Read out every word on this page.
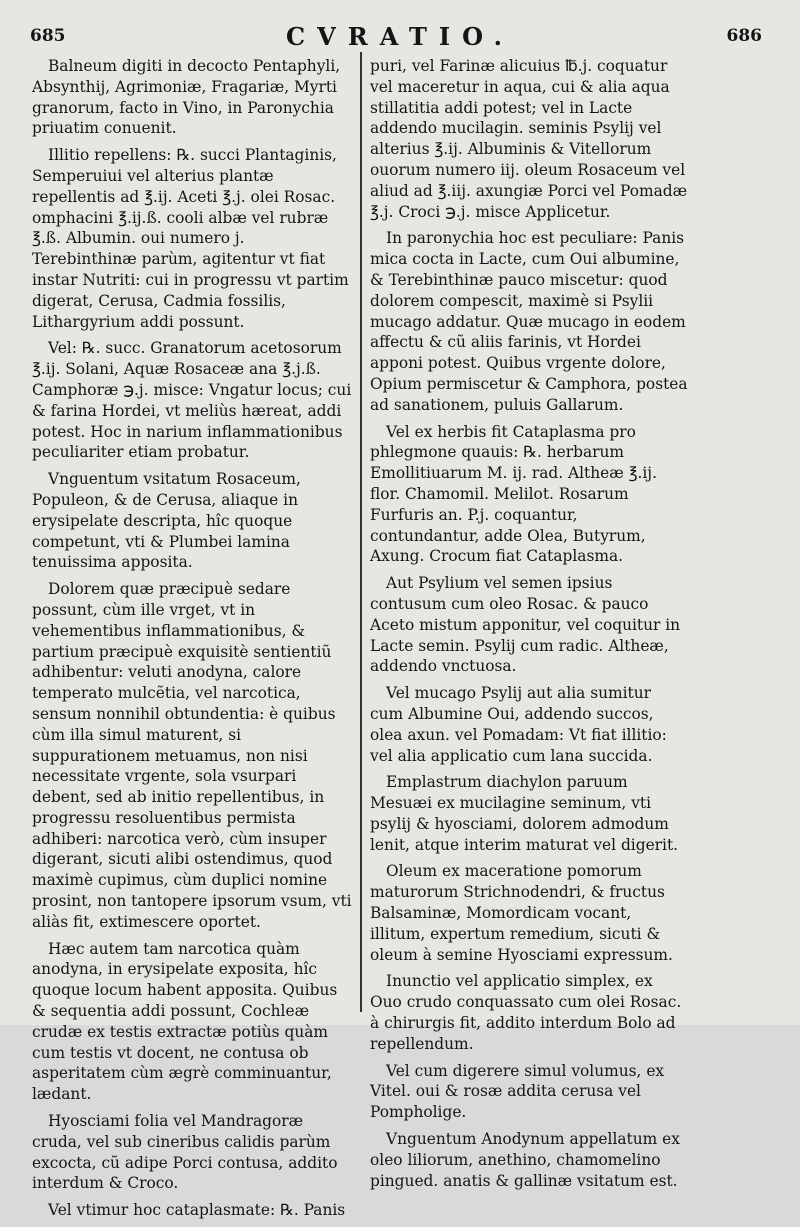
685	CVRATIO.	686

Balneum digiti in decocto Pentaphyli, Absynthij, Agrimoniæ, Fragariæ, Myrti granorum, facto in Vino, in Paronychia priuatim conuenit.

Illitio repellens: ℞. succi Plantaginis, Semperuiui vel alterius plantæ repellentis ad ℥.ij. Aceti ℥.j. olei Rosac. omphacini ℥.ij.ß. cooli albæ vel rubræ ℥.ß. Albumin. oui numero j. Terebinthinæ parùm, agitentur vt fiat instar Nutriti: cui in progressu vt partim digerat, Cerusa, Cadmia fossilis, Lithargyrium addi possunt.

Vel: ℞. succ. Granatorum acetosorum ℥.ij. Solani, Aquæ Rosaceæ ana ℥.j.ß. Camphoræ ℈.j. misce: Vngatur locus; cui & farina Hordei, vt meliùs hæreat, addi potest. Hoc in narium inflammationibus peculiariter etiam probatur.

Vnguentum vsitatum Rosaceum, Populeon, & de Cerusa, aliaque in erysipelate descripta, hîc quoque competunt, vti & Plumbei lamina tenuissima apposita.

Dolorem quæ præcipuè sedare possunt, cùm ille vrget, vt in vehementibus inflammationibus, & partium præcipuè exquisitè sentientiũ adhibentur: veluti anodyna, calore temperato mulcẽtia, vel narcotica, sensum nonnihil obtundentia: è quibus cùm illa simul maturent, si suppurationem metuamus, non nisi necessitate vrgente, sola vsurpari debent, sed ab initio repellentibus, in progressu resoluentibus permista adhiberi: narcotica verò, cùm insuper digerant, sicuti alibi ostendimus, quod maximè cupimus, cùm duplici nomine prosint, non tantopere ipsorum vsum, vti aliàs fit, extimescere oportet.

Hæc autem tam narcotica quàm anodyna, in erysipelate exposita, hîc quoque locum habent apposita. Quibus & sequentia addi possunt, Cochleæ crudæ ex testis extractæ potiùs quàm cum testis vt docent, ne contusa ob asperitatem cùm ægrè comminuantur, lædant.

Hyosciami folia vel Mandragoræ cruda, vel sub cineribus calidis parùm excocta, cũ adipe Porci contusa, addito interdum & Croco.

Vel vtimur hoc cataplasmate: ℞. Panis

puri, vel Farinæ alicuius ℔.j. coquatur vel maceretur in aqua, cui & alia aqua stillatitia addi potest; vel in Lacte addendo mucilagin. seminis Psylij vel alterius ℥.ij. Albuminis & Vitellorum ouorum numero iij. oleum Rosaceum vel aliud ad ℥.iij. axungiæ Porci vel Pomadæ ℥.j. Croci ℈.j. misce Applicetur.

In paronychia hoc est peculiare: Panis mica cocta in Lacte, cum Oui albumine, & Terebinthinæ pauco miscetur: quod dolorem compescit, maximè si Psylii mucago addatur. Quæ mucago in eodem affectu & cũ aliis farinis, vt Hordei apponi potest. Quibus vrgente dolore, Opium permiscetur & Camphora, postea ad sanationem, puluis Gallarum.

Vel ex herbis fit Cataplasma pro phlegmone quauis: ℞. herbarum Emollitiuarum M. ij. rad. Altheæ ℥.ij. flor. Chamomil. Melilot. Rosarum Furfuris an. P.j. coquantur, contundantur, adde Olea, Butyrum, Axung. Crocum fiat Cataplasma.

Aut Psylium vel semen ipsius contusum cum oleo Rosac. & pauco Aceto mistum apponitur, vel coquitur in Lacte semin. Psylij cum radic. Altheæ, addendo vnctuosa.

Vel mucago Psylij aut alia sumitur cum Albumine Oui, addendo succos, olea axun. vel Pomadam: Vt fiat illitio: vel alia applicatio cum lana succida.

Emplastrum diachylon paruum Mesuæi ex mucilagine seminum, vti psylij & hyosciami, dolorem admodum lenit, atque interim maturat vel digerit.

Oleum ex maceratione pomorum maturorum Strichnodendri, & fructus Balsaminæ, Momordicam vocant, illitum, expertum remedium, sicuti & oleum à semine Hyosciami expressum.

Inunctio vel applicatio simplex, ex Ouo crudo conquassato cum olei Rosac. à chirurgis fit, addito interdum Bolo ad repellendum.

Vel cum digerere simul volumus, ex Vitel. oui & rosæ addita cerusa vel Pompholige.

Vnguentum Anodynum appellatum ex oleo liliorum, anethino, chamomelino pingued. anatis & gallinæ vsitatum est.
